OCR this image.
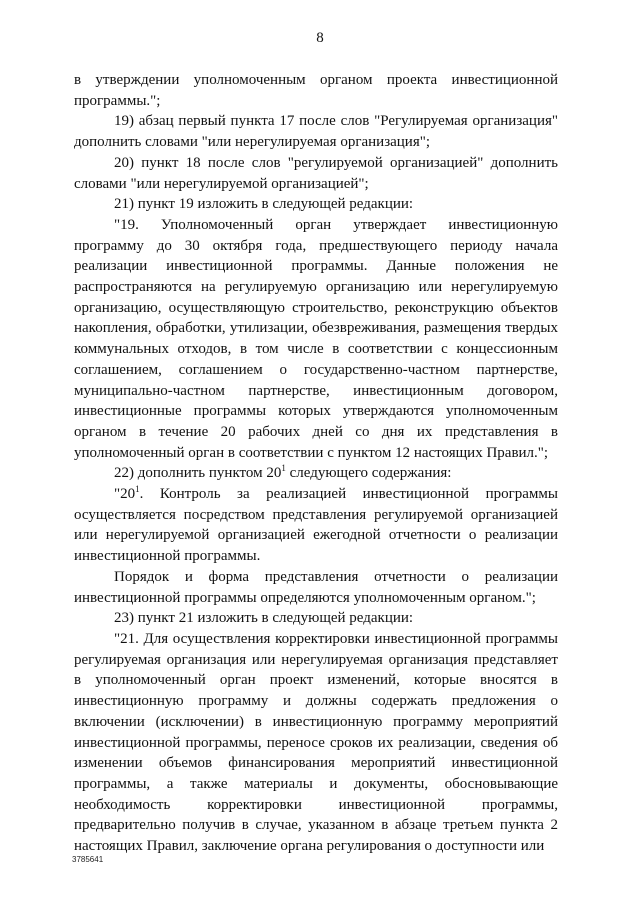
8

в утверждении уполномоченным органом проекта инвестиционной программы.";

19) абзац первый пункта 17 после слов "Регулируемая организация" дополнить словами "или нерегулируемая организация";

20) пункт 18 после слов "регулируемой организацией" дополнить словами "или нерегулируемой организацией";

21) пункт 19 изложить в следующей редакции:

"19. Уполномоченный орган утверждает инвестиционную программу до 30 октября года, предшествующего периоду начала реализации инвестиционной программы. Данные положения не распространяются на регулируемую организацию или нерегулируемую организацию, осуществляющую строительство, реконструкцию объектов накопления, обработки, утилизации, обезвреживания, размещения твердых коммунальных отходов, в том числе в соответствии с концессионным соглашением, соглашением о государственно-частном партнерстве, муниципально-частном партнерстве, инвестиционным договором, инвестиционные программы которых утверждаются уполномоченным органом в течение 20 рабочих дней со дня их представления в уполномоченный орган в соответствии с пунктом 12 настоящих Правил.";

22) дополнить пунктом $20^1$ следующего содержания:

"$20^1$. Контроль за реализацией инвестиционной программы осуществляется посредством представления регулируемой организацией или нерегулируемой организацией ежегодной отчетности о реализации инвестиционной программы.

Порядок и форма представления отчетности о реализации инвестиционной программы определяются уполномоченным органом.";

23) пункт 21 изложить в следующей редакции:

"21. Для осуществления корректировки инвестиционной программы регулируемая организация или нерегулируемая организация представляет в уполномоченный орган проект изменений, которые вносятся в инвестиционную программу и должны содержать предложения о включении (исключении) в инвестиционную программу мероприятий инвестиционной программы, переносе сроков их реализации, сведения об изменении объемов финансирования мероприятий инвестиционной программы, а также материалы и документы, обосновывающие необходимость корректировки инвестиционной программы, предварительно получив в случае, указанном в абзаце третьем пункта 2 настоящих Правил, заключение органа регулирования о доступности или

3785641
